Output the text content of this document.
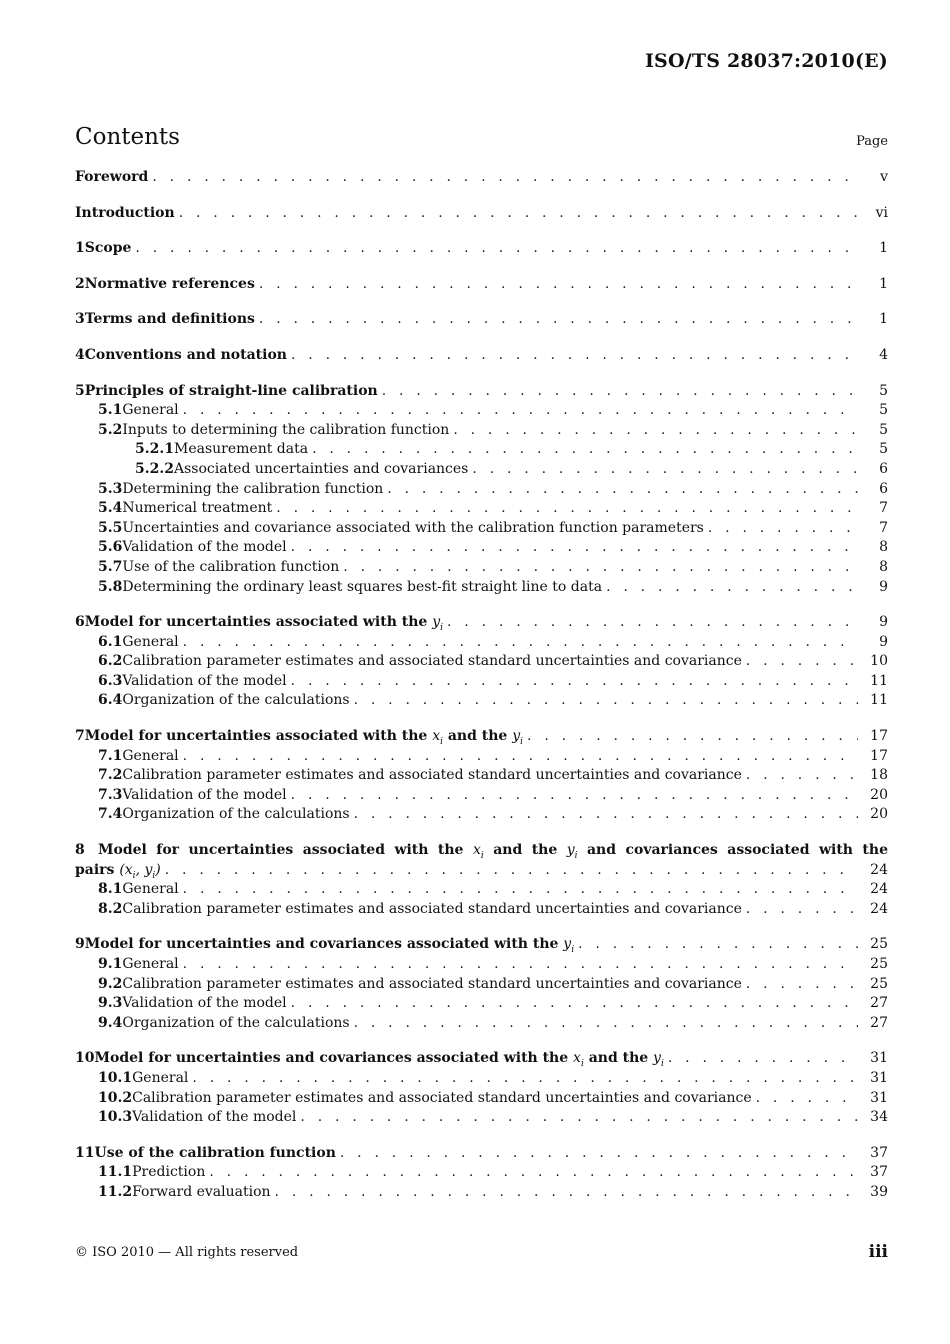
ISO/TS 28037:2010(E)
Contents	Page
Foreword . . .	v
Introduction . . .	vi
1 Scope . . .	1
2 Normative references . . .	1
3 Terms and definitions . . .	1
4 Conventions and notation . . .	4
5 Principles of straight-line calibration . . .	5
5.1 General . . .	5
5.2 Inputs to determining the calibration function . . .	5
5.2.1 Measurement data . . .	5
5.2.2 Associated uncertainties and covariances . . .	6
5.3 Determining the calibration function . . .	6
5.4 Numerical treatment . . .	7
5.5 Uncertainties and covariance associated with the calibration function parameters . . .	7
5.6 Validation of the model . . .	8
5.7 Use of the calibration function . . .	8
5.8 Determining the ordinary least squares best-fit straight line to data . . .	9
6 Model for uncertainties associated with the $y_i$ . . .	9
6.1 General . . .	9
6.2 Calibration parameter estimates and associated standard uncertainties and covariance . . .	10
6.3 Validation of the model . . .	11
6.4 Organization of the calculations . . .	11
7 Model for uncertainties associated with the $x_i$ and the $y_i$ . . .	17
7.1 General . . .	17
7.2 Calibration parameter estimates and associated standard uncertainties and covariance . . .	18
7.3 Validation of the model . . .	20
7.4 Organization of the calculations . . .	20
8 Model for uncertainties associated with the $x_i$ and the $y_i$ and covariances associated with the
pairs ($x_i$, $y_i$) . . .	24
8.1 General . . .	24
8.2 Calibration parameter estimates and associated standard uncertainties and covariance . . .	24
9 Model for uncertainties and covariances associated with the $y_i$ . . .	25
9.1 General . . .	25
9.2 Calibration parameter estimates and associated standard uncertainties and covariance . . .	25
9.3 Validation of the model . . .	27
9.4 Organization of the calculations . . .	27
10 Model for uncertainties and covariances associated with the $x_i$ and the $y_i$ . . .	31
10.1 General . . .	31
10.2 Calibration parameter estimates and associated standard uncertainties and covariance . . .	31
10.3 Validation of the model . . .	34
11 Use of the calibration function . . .	37
11.1 Prediction . . .	37
11.2 Forward evaluation . . .	39
© ISO 2010 — All rights reserved	iii
